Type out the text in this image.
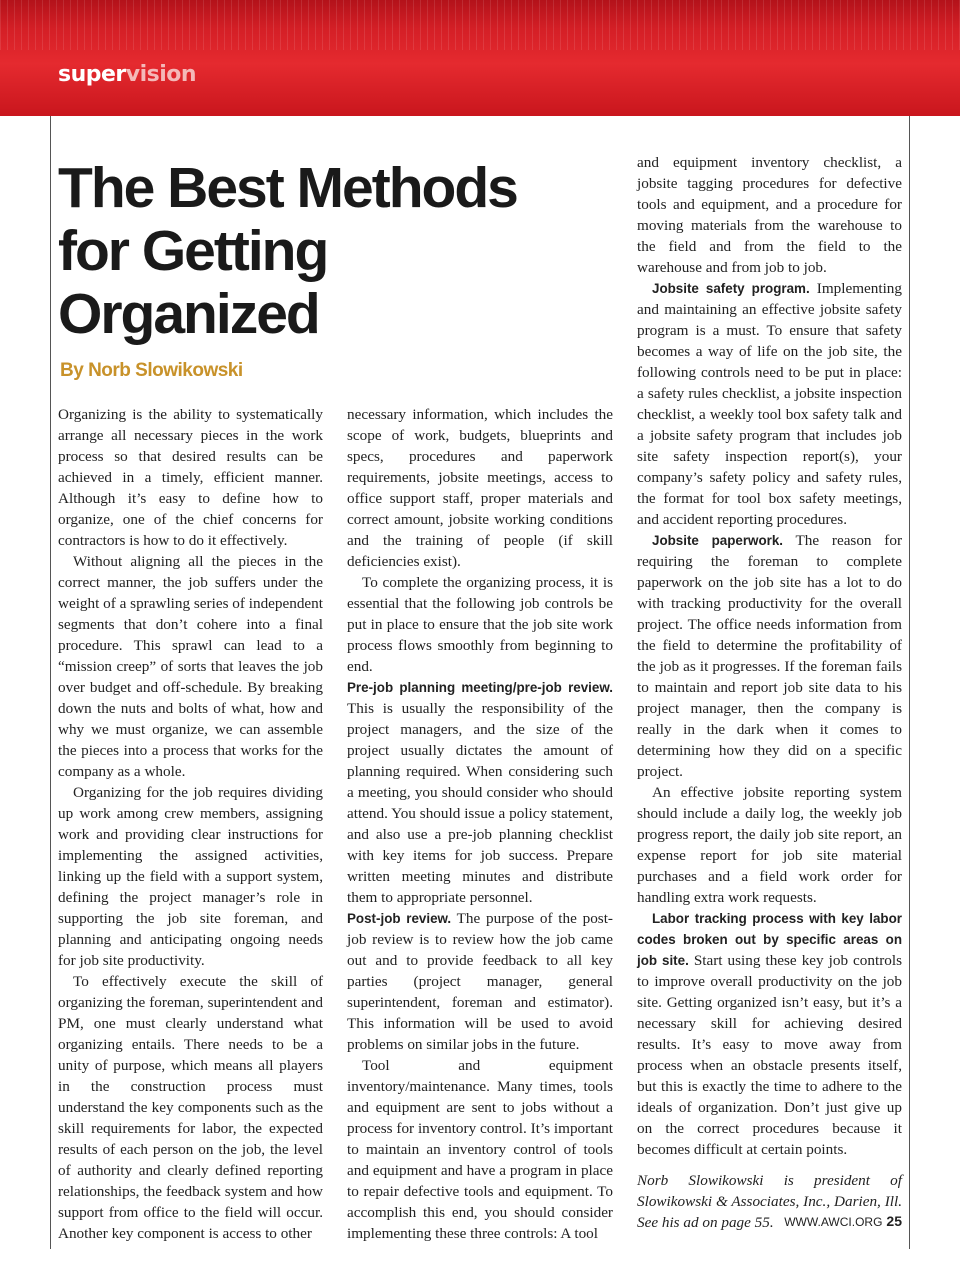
supervision
The Best Methods for Getting Organized
By Norb Slowikowski

Organizing is the ability to systematically arrange all necessary pieces in the work process so that desired results can be achieved in a timely, efficient manner. Although it’s easy to define how to organize, one of the chief concerns for contractors is how to do it effectively.

Without aligning all the pieces in the correct manner, the job suffers under the weight of a sprawling series of independent segments that don’t cohere into a final procedure. This sprawl can lead to a “mission creep” of sorts that leaves the job over budget and off-schedule. By breaking down the nuts and bolts of what, how and why we must organize, we can assemble the pieces into a process that works for the company as a whole.

Organizing for the job requires dividing up work among crew members, assigning work and providing clear instructions for implementing the assigned activities, linking up the field with a support system, defining the project manager’s role in supporting the job site foreman, and planning and anticipating ongoing needs for job site productivity.

To effectively execute the skill of organizing the foreman, superintendent and PM, one must clearly understand what organizing entails. There needs to be a unity of purpose, which means all players in the construction process must understand the key components such as the skill requirements for labor, the expected results of each person on the job, the level of authority and clearly defined reporting relationships, the feedback system and how support from office to the field will occur. Another key component is access to other

necessary information, which includes the scope of work, budgets, blueprints and specs, procedures and paperwork requirements, jobsite meetings, access to office support staff, proper materials and correct amount, jobsite working conditions and the training of people (if skill deficiencies exist).

To complete the organizing process, it is essential that the following job controls be put in place to ensure that the job site work process flows smoothly from beginning to end.

Pre-job planning meeting/pre-job review. This is usually the responsibility of the project managers, and the size of the project usually dictates the amount of planning required. When considering such a meeting, you should consider who should attend. You should issue a policy statement, and also use a pre-job planning checklist with key items for job success. Prepare written meeting minutes and distribute them to appropriate personnel.

Post-job review. The purpose of the post-job review is to review how the job came out and to provide feedback to all key parties (project manager, general superintendent, foreman and estimator). This information will be used to avoid problems on similar jobs in the future.

Tool and equipment inventory/maintenance. Many times, tools and equipment are sent to jobs without a process for inventory control. It’s important to maintain an inventory control of tools and equipment and have a program in place to repair defective tools and equipment. To accomplish this end, you should consider implementing these three controls: A tool

and equipment inventory checklist, a jobsite tagging procedures for defective tools and equipment, and a procedure for moving materials from the warehouse to the field and from the field to the warehouse and from job to job.

Jobsite safety program. Implementing and maintaining an effective jobsite safety program is a must. To ensure that safety becomes a way of life on the job site, the following controls need to be put in place: a safety rules checklist, a jobsite inspection checklist, a weekly tool box safety talk and a jobsite safety program that includes job site safety inspection report(s), your company’s safety policy and safety rules, the format for tool box safety meetings, and accident reporting procedures.

Jobsite paperwork. The reason for requiring the foreman to complete paperwork on the job site has a lot to do with tracking productivity for the overall project. The office needs information from the field to determine the profitability of the job as it progresses. If the foreman fails to maintain and report job site data to his project manager, then the company is really in the dark when it comes to determining how they did on a specific project.

An effective jobsite reporting system should include a daily log, the weekly job progress report, the daily job site report, an expense report for job site material purchases and a field work order for handling extra work requests.

Labor tracking process with key labor codes broken out by specific areas on job site. Start using these key job controls to improve overall productivity on the job site. Getting organized isn’t easy, but it’s a necessary skill for achieving desired results. It’s easy to move away from process when an obstacle presents itself, but this is exactly the time to adhere to the ideals of organization. Don’t just give up on the correct procedures because it becomes difficult at certain points.

Norb Slowikowski is president of Slowikowski & Associates, Inc., Darien, Ill. See his ad on page 55. WWW.AWCI.ORG 25
